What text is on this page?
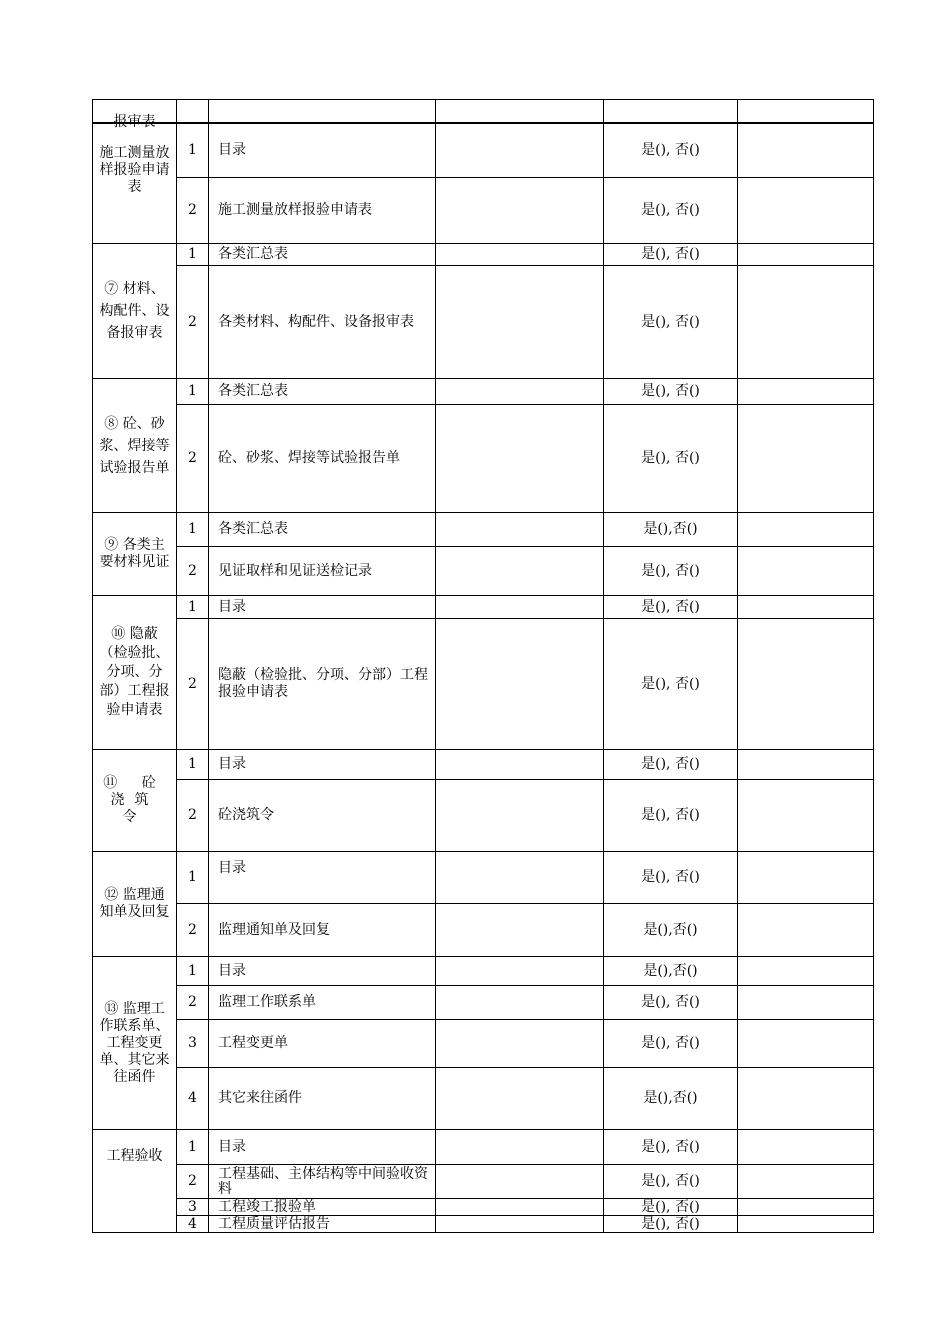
报审表
施工测量放样报验申请表	1	目录		是(), 否()	
	2	施工测量放样报验申请表		是(), 否()	
⑦ 材料、构配件、设备报审表	1	各类汇总表		是(), 否()	
	2	各类材料、构配件、设备报审表		是(), 否()	
⑧ 砼、砂浆、焊接等试验报告单	1	各类汇总表		是(), 否()	
	2	砼、砂浆、焊接等试验报告单		是(), 否()	
⑨ 各类主要材料见证	1	各类汇总表		是(),否()	
	2	见证取样和见证送检记录		是(), 否()	
⑩ 隐蔽（检验批、分项、分部）工程报验申请表	1	目录		是(), 否()	
	2	隐蔽（检验批、分项、分部）工程报验申请表		是(), 否()	
⑪ 砼浇筑令	1	目录		是(), 否()	
	2	砼浇筑令		是(), 否()	
⑫ 监理通知单及回复	1	目录		是(), 否()	
	2	监理通知单及回复		是(),否()	
⑬ 监理工作联系单、工程变更单、其它来往函件	1	目录		是(),否()	
	2	监理工作联系单		是(), 否()	
	3	工程变更单		是(), 否()	
	4	其它来往函件		是(),否()	
工程验收	1	目录		是(), 否()	
	2	工程基础、主体结构等中间验收资料		是(), 否()	
	3	工程竣工报验单		是(), 否()	
	4	工程质量评估报告		是(), 否()	
